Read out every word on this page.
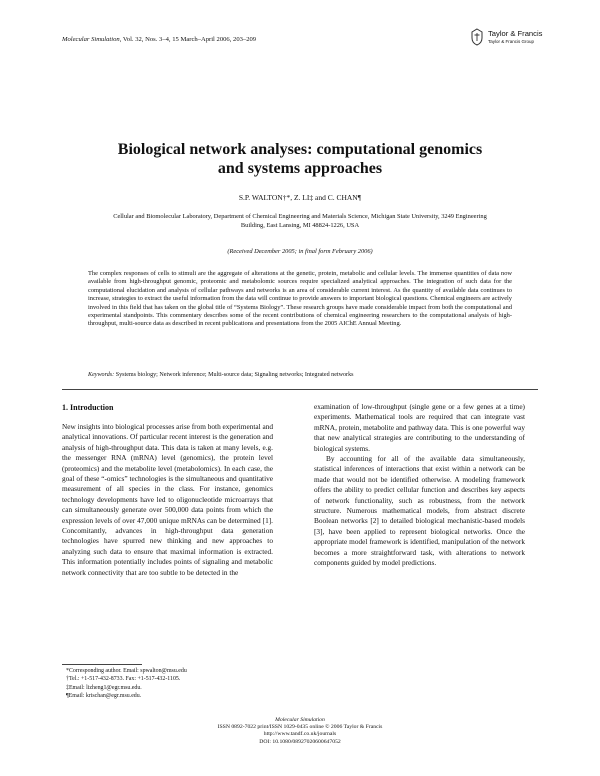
Molecular Simulation, Vol. 32, Nos. 3–4, 15 March–April 2006, 203–209
Taylor & Francis
Taylor & Francis Group
Biological network analyses: computational genomics
and systems approaches
S.P. WALTON†*, Z. LI‡ and C. CHAN¶
Cellular and Biomolecular Laboratory, Department of Chemical Engineering and Materials Science, Michigan State University, 3249 Engineering
Building, East Lansing, MI 48824-1226, USA
(Received December 2005; in final form February 2006)
The complex responses of cells to stimuli are the aggregate of alterations at the genetic, protein, metabolic and cellular levels. The immense quantities of data now available from high-throughput genomic, proteomic and metabolomic sources require specialized analytical approaches. The integration of such data for the computational elucidation and analysis of cellular pathways and networks is an area of considerable current interest. As the quantity of available data continues to increase, strategies to extract the useful information from the data will continue to provide answers to important biological questions. Chemical engineers are actively involved in this field that has taken on the global title of “Systems Biology”. These research groups have made considerable impact from both the computational and experimental standpoints. This commentary describes some of the recent contributions of chemical engineering researchers to the computational analysis of high-throughput, multi-source data as described in recent publications and presentations from the 2005 AIChE Annual Meeting.
Keywords: Systems biology; Network inference; Multi-source data; Signaling networks; Integrated networks
1. Introduction

New insights into biological processes arise from both experimental and analytical innovations. Of particular recent interest is the generation and analysis of high-throughput data. This data is taken at many levels, e.g. the messenger RNA (mRNA) level (genomics), the protein level (proteomics) and the metabolite level (metabolomics). In each case, the goal of these “-omics” technologies is the simultaneous and quantitative measurement of all species in the class. For instance, genomics technology developments have led to oligonucleotide microarrays that can simultaneously generate over 500,000 data points from which the expression levels of over 47,000 unique mRNAs can be determined [1]. Concomitantly, advances in high-throughput data generation technologies have spurred new thinking and new approaches to analyzing such data to ensure that maximal information is extracted. This information potentially includes points of signaling and metabolic network connectivity that are too subtle to be detected in the

examination of low-throughput (single gene or a few genes at a time) experiments. Mathematical tools are required that can integrate vast mRNA, protein, metabolite and pathway data. This is one powerful way that new analytical strategies are contributing to the understanding of biological systems.

By accounting for all of the available data simultaneously, statistical inferences of interactions that exist within a network can be made that would not be identified otherwise. A modeling framework offers the ability to predict cellular function and describes key aspects of network functionality, such as robustness, from the network structure. Numerous mathematical models, from abstract discrete Boolean networks [2] to detailed biological mechanistic-based models [3], have been applied to represent biological networks. Once the appropriate model framework is identified, manipulation of the network becomes a more straightforward task, with alterations to network components guided by model predictions.

*Corresponding author. Email: spwalton@msu.edu
†Tel.: +1-517-432-8733. Fax: +1-517-432-1105.
‡Email: lizheng1@egr.msu.edu.
¶Email: krischan@egr.msu.edu.
Molecular Simulation
ISSN 0892-7022 print/ISSN 1029-0435 online © 2006 Taylor & Francis
http://www.tandf.co.uk/journals
DOI: 10.1080/08927020600647052
